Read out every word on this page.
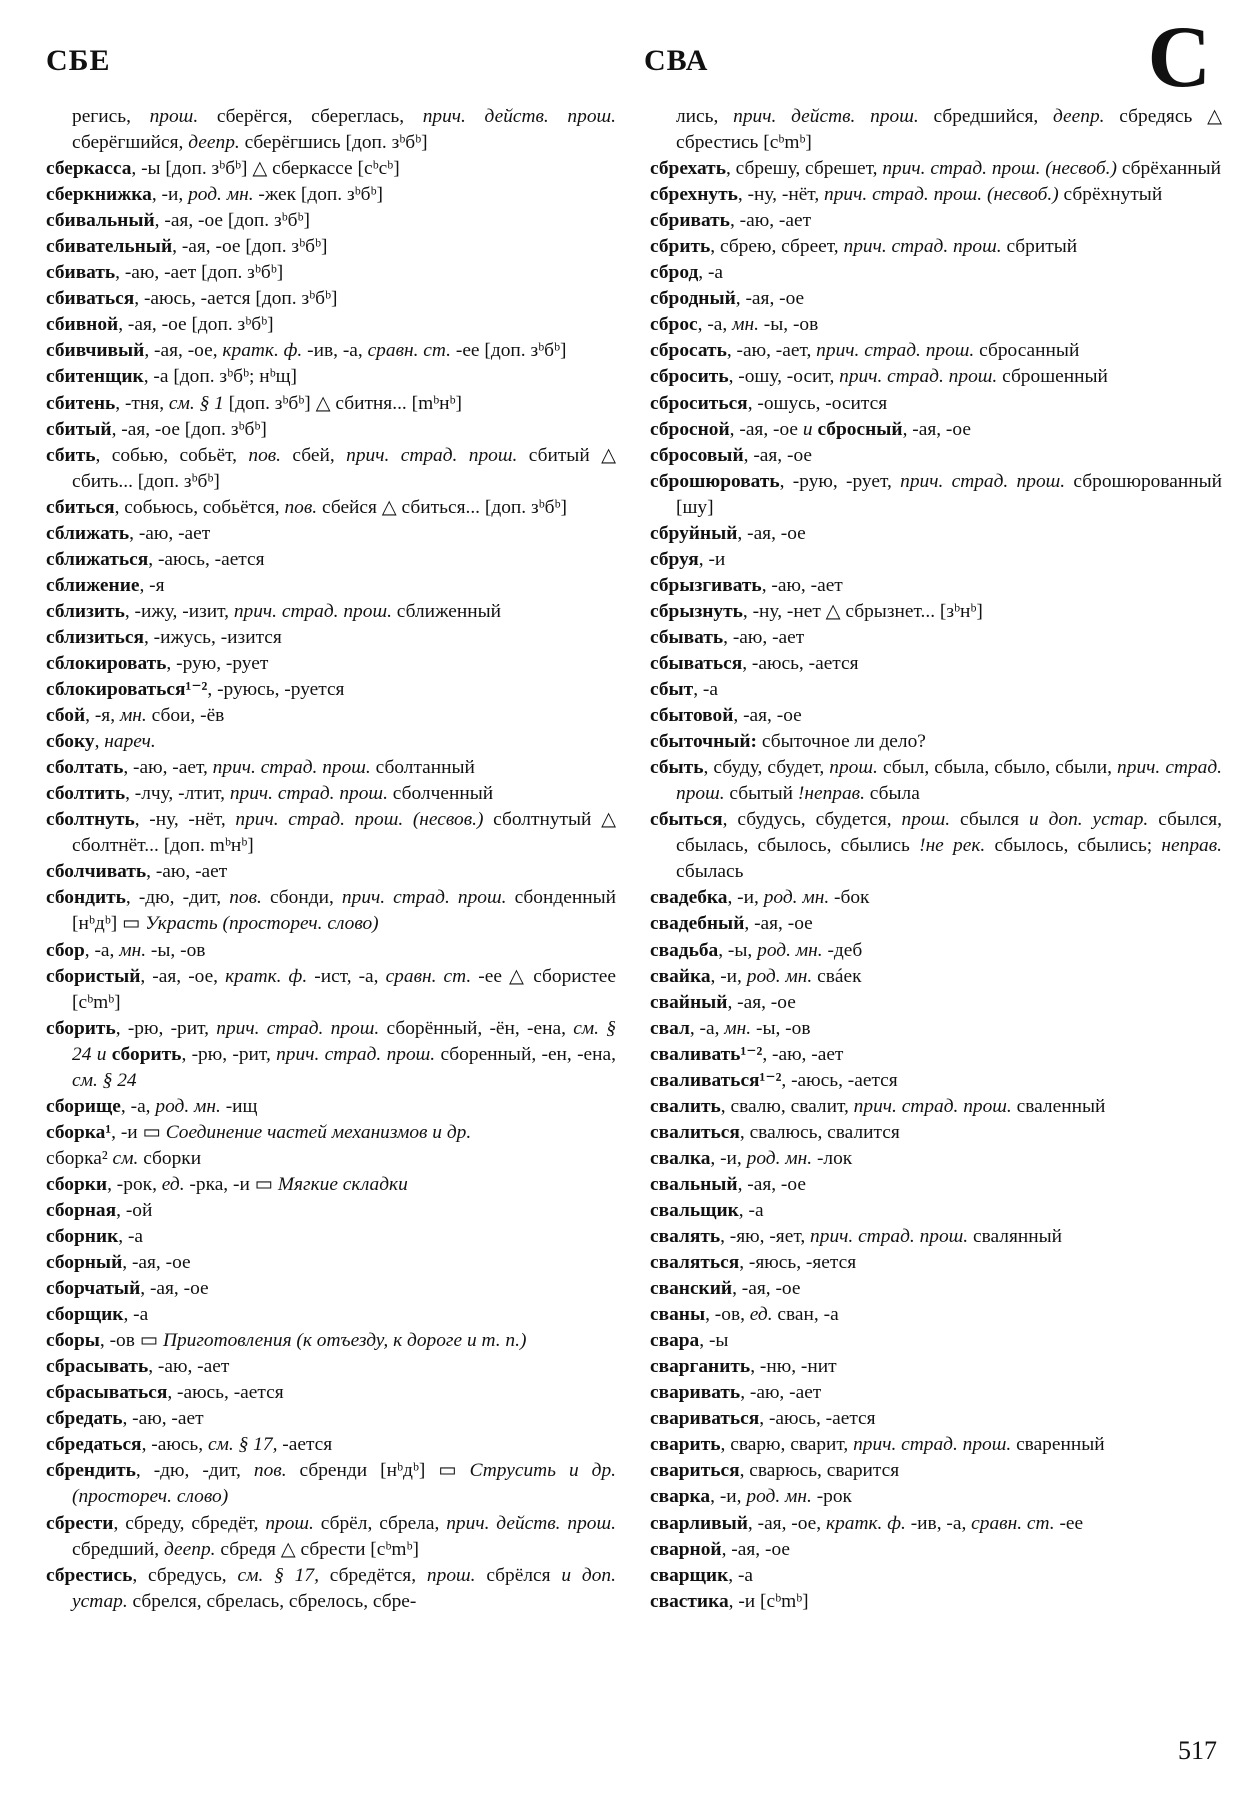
СБЕ	СВА	С
регись, прош. сберёгся, сбереглась, прич. действ. прош. сберёгшийся, деепр. сберёгшись [доп. зᵇбᵇ]
сберкасса, -ы [доп. зᵇбᵇ] △ сберкассе [cᵇcᵇ]
сберкнижка, -и, род. мн. -жек [доп. зᵇбᵇ]
сбивальный, -ая, -ое [доп. зᵇбᵇ]
сбивательный, -ая, -ое [доп. зᵇбᵇ]
сбивать, -аю, -ает [доп. зᵇбᵇ]
сбиваться, -аюсь, -ается [доп. зᵇбᵇ]
сбивной, -ая, -ое [доп. зᵇбᵇ]
сбивчивый, -ая, -ое, кратк. ф. -ив, -а, сравн. ст. -ее [доп. зᵇбᵇ]
сбитенщик, -а [доп. зᵇбᵇ; нᵇщ]
сбитень, -тня, см. § 1 [доп. зᵇбᵇ] △ сбитня... [mᵇнᵇ]
сбитый, -ая, -ое [доп. зᵇбᵇ]
сбить, собью, собьёт, пов. сбей, прич. страд. прош. сбитый △ сбить... [доп. зᵇбᵇ]
сбиться, собьюсь, собьётся, пов. сбейся △ сбиться... [доп. зᵇбᵇ]
сближать, -аю, -ает
сближаться, -аюсь, -ается
сближение, -я
сблизить, -ижу, -изит, прич. страд. прош. сближенный
сблизиться, -ижусь, -изится
сблокировать, -рую, -рует
сблокироваться¹⁻², -руюсь, -руется
сбой, -я, мн. сбои, -ёв
сбоку, нареч.
сболтать, -аю, -ает, прич. страд. прош. сболтанный
сболтить, -лчу, -лтит, прич. страд. прош. сболченный
сболтнуть, -ну, -нёт, прич. страд. прош. (несвов.) сболтнутый △ сболтнёт... [доп. mᵇнᵇ]
сболчивать, -аю, -ает
сбондить, -дю, -дит, пов. сбонди, прич. страд. прош. сбонденный [нᵇдᵇ] ▭ Украсть (простореч. слово)
сбор, -а, мн. -ы, -ов
сбористый, -ая, -ое, кратк. ф. -ист, -а, сравн. ст. -ее △ сбористее [cᵇmᵇ]
сборить, -рю, -рит, прич. страд. прош. сборённый, -ён, -ена, см. § 24 и сборить, -рю, -рит, прич. страд. прош. сборенный, -ен, -ена, см. § 24
сборище, -а, род. мн. -ищ
сборка¹, -и ▭ Соединение частей механизмов и др.
сборка² см. сборки
сборки, -рок, ед. -рка, -и ▭ Мягкие складки
сборная, -ой
сборник, -а
сборный, -ая, -ое
сборчатый, -ая, -ое
сборщик, -а
сборы, -ов ▭ Приготовления (к отъезду, к дороге и т. п.)
сбрасывать, -аю, -ает
сбрасываться, -аюсь, -ается
сбредать, -аю, -ает
сбредаться, -аюсь, см. § 17, -ается
сбрендить, -дю, -дит, пов. сбренди [нᵇдᵇ] ▭ Струсить и др. (простореч. слово)
сбрести, сбреду, сбредёт, прош. сбрёл, сбрела, прич. действ. прош. сбредший, деепр. сбредя △ сбрести [cᵇmᵇ]
сбрестись, сбредусь, см. § 17, сбредётся, прош. сбрёлся и доп. устар. сбрелся, сбрелась, сбрелось, сбре-
лись, прич. действ. прош. сбредшийся, деепр. сбредясь △ сбрестись [cᵇmᵇ]
сбрехать, сбрешу, сбрешет, прич. страд. прош. (несвоб.) сбрёханный
сбрехнуть, -ну, -нёт, прич. страд. прош. (несвоб.) сбрёхнутый
сбривать, -аю, -ает
сбрить, сбрею, сбреет, прич. страд. прош. сбритый
сброд, -а
сбродный, -ая, -ое
сброс, -а, мн. -ы, -ов
сбросать, -аю, -ает, прич. страд. прош. сбросанный
сбросить, -ошу, -осит, прич. страд. прош. сброшенный
сброситься, -ошусь, -осится
сбросной, -ая, -ое и сбросный, -ая, -ое
сбросовый, -ая, -ое
сброшюровать, -рую, -рует, прич. страд. прош. сброшюрованный [шу]
сбруйный, -ая, -ое
сбруя, -и
сбрызгивать, -аю, -ает
сбрызнуть, -ну, -нет △ сбрызнет... [зᵇнᵇ]
сбывать, -аю, -ает
сбываться, -аюсь, -ается
сбыт, -а
сбытовой, -ая, -ое
сбыточный: сбыточное ли дело?
сбыть, сбуду, сбудет, прош. сбыл, сбыла, сбыло, сбыли, прич. страд. прош. сбытый !неправ. сбыла
сбыться, сбудусь, сбудется, прош. сбылся и доп. устар. сбылся, сбылась, сбылось, сбылись !не рек. сбылось, сбылись; неправ. сбылась
свадебка, -и, род. мн. -бок
свадебный, -ая, -ое
свадьба, -ы, род. мн. -деб
свайка, -и, род. мн. свáек
свайный, -ая, -ое
свал, -а, мн. -ы, -ов
сваливать¹⁻², -аю, -ает
сваливаться¹⁻², -аюсь, -ается
свалить, свалю, свалит, прич. страд. прош. сваленный
свалиться, свалюсь, свалится
свалка, -и, род. мн. -лок
свальный, -ая, -ое
свальщик, -а
свалять, -яю, -яет, прич. страд. прош. свалянный
сваляться, -яюсь, -яется
сванский, -ая, -ое
сваны, -ов, ед. сван, -а
свара, -ы
сварганить, -ню, -нит
сваривать, -аю, -ает
свариваться, -аюсь, -ается
сварить, сварю, сварит, прич. страд. прош. сваренный
свариться, сварюсь, сварится
сварка, -и, род. мн. -рок
сварливый, -ая, -ое, кратк. ф. -ив, -а, сравн. ст. -ее
сварной, -ая, -ое
сварщик, -а
свастика, -и [cᵇmᵇ]
517
